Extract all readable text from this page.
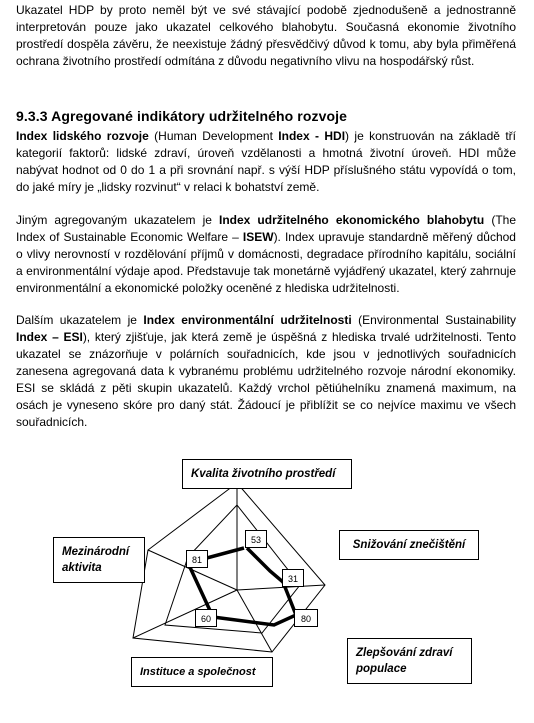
Ukazatel HDP by proto neměl být ve své stávající podobě zjednodušeně a jednostranně interpretován pouze jako ukazatel celkového blahobytu. Současná ekonomie životního prostředí dospěla závěru, že neexistuje žádný přesvědčivý důvod k tomu, aby byla přiměřená ochrana životního prostředí odmítána z důvodu negativního vlivu na hospodářský růst.
9.3.3 Agregované indikátory udržitelného rozvoje
Index lidského rozvoje (Human Development Index - HDI) je konstruován na základě tří kategorií faktorů: lidské zdraví, úroveň vzdělanosti a hmotná životní úroveň. HDI může nabývat hodnot od 0 do 1 a při srovnání např. s výší HDP příslušného státu vypovídá o tom, do jaké míry je „lidsky rozvinut“ v relaci k bohatství země.
Jiným agregovaným ukazatelem je Index udržitelného ekonomického blahobytu (The Index of Sustainable Economic Welfare – ISEW). Index upravuje standardně měřený důchod o vlivy nerovností v rozdělování příjmů v domácnosti, degradace přírodního kapitálu, sociální a environmentální výdaje apod. Představuje tak monetárně vyjádřený ukazatel, který zahrnuje environmentální a ekonomické položky oceněné z hlediska udržitelnosti.
Dalším ukazatelem je Index environmentální udržitelnosti (Environmental Sustainability Index – ESI), který zjišťuje, jak která země je úspěšná z hlediska trvalé udržitelnosti. Tento ukazatel se znázorňuje v polárních souřadnicích, kde jsou v jednotlivých souřadnicích zanesena agregovaná data k vybranému problému udržitelného rozvoje národní ekonomiky. ESI se skládá z pěti skupin ukazatelů. Každý vrchol pětiúhelníku znamená maximum, na osách je vyneseno skóre pro daný stát. Žádoucí je přiblížit se co nejvíce maximu ve všech souřadnicích.
Kvalita životního prostředí
Snižování znečištění
Zlepšování zdraví
populace
Instituce a společnost
Mezinárodní
aktivita
53
31
80
60
81
